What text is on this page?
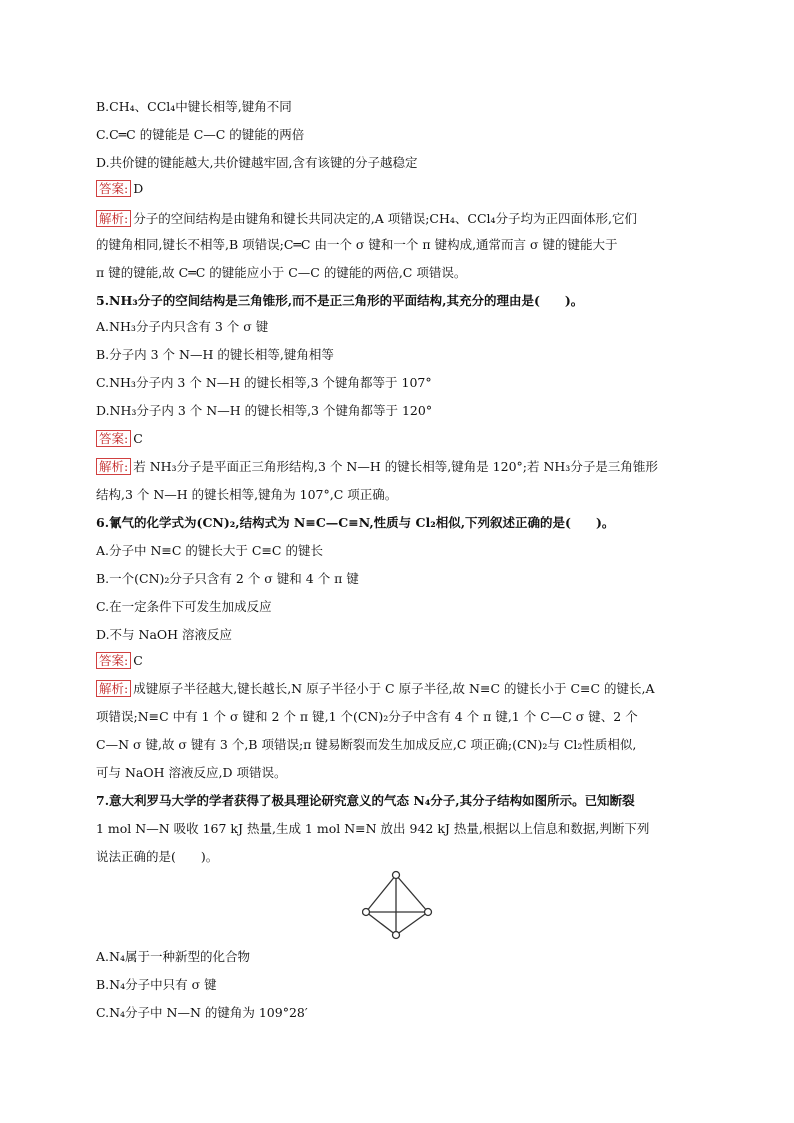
B.CH₄、CCl₄中键长相等,键角不同
C.C═C 的键能是 C—C 的键能的两倍
D.共价键的键能越大,共价键越牢固,含有该键的分子越稳定
答案: D
解析: 分子的空间结构是由键角和键长共同决定的,A 项错误;CH₄、CCl₄分子均为正四面体形,它们
的键角相同,键长不相等,B 项错误;C═C 由一个 σ 键和一个 π 键构成,通常而言 σ 键的键能大于
π 键的键能,故 C═C 的键能应小于 C—C 的键能的两倍,C 项错误。
5.NH₃分子的空间结构是三角锥形,而不是正三角形的平面结构,其充分的理由是(　　)。
A.NH₃分子内只含有 3 个 σ 键
B.分子内 3 个 N—H 的键长相等,键角相等
C.NH₃分子内 3 个 N—H 的键长相等,3 个键角都等于 107°
D.NH₃分子内 3 个 N—H 的键长相等,3 个键角都等于 120°
答案: C
解析: 若 NH₃分子是平面正三角形结构,3 个 N—H 的键长相等,键角是 120°;若 NH₃分子是三角锥形
结构,3 个 N—H 的键长相等,键角为 107°,C 项正确。
6.氰气的化学式为(CN)₂,结构式为 N≡C—C≡N,性质与 Cl₂相似,下列叙述正确的是(　　)。
A.分子中 N≡C 的键长大于 C≡C 的键长
B.一个(CN)₂分子只含有 2 个 σ 键和 4 个 π 键
C.在一定条件下可发生加成反应
D.不与 NaOH 溶液反应
答案: C
解析: 成键原子半径越大,键长越长,N 原子半径小于 C 原子半径,故 N≡C 的键长小于 C≡C 的键长,A
项错误;N≡C 中有 1 个 σ 键和 2 个 π 键,1 个(CN)₂分子中含有 4 个 π 键,1 个 C—C σ 键、2 个
C—N σ 键,故 σ 键有 3 个,B 项错误;π 键易断裂而发生加成反应,C 项正确;(CN)₂与 Cl₂性质相似,
可与 NaOH 溶液反应,D 项错误。
7.意大利罗马大学的学者获得了极具理论研究意义的气态 N₄分子,其分子结构如图所示。已知断裂
1 mol N—N 吸收 167 kJ 热量,生成 1 mol N≡N 放出 942 kJ 热量,根据以上信息和数据,判断下列
说法正确的是(　　)。
A.N₄属于一种新型的化合物
B.N₄分子中只有 σ 键
C.N₄分子中 N—N 的键角为 109°28′
